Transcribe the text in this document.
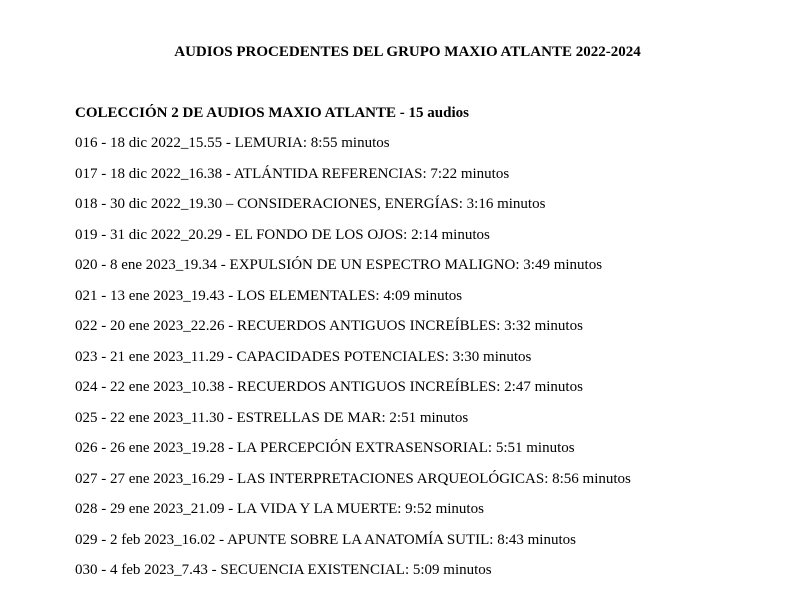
AUDIOS PROCEDENTES DEL GRUPO MAXIO ATLANTE 2022-2024
COLECCIÓN 2 DE AUDIOS MAXIO ATLANTE - 15 audios
016 - 18 dic 2022_15.55 - LEMURIA: 8:55 minutos
017 - 18 dic 2022_16.38 - ATLÁNTIDA REFERENCIAS: 7:22 minutos
018 - 30 dic 2022_19.30 – CONSIDERACIONES, ENERGÍAS: 3:16 minutos
019 - 31 dic 2022_20.29 - EL FONDO DE LOS OJOS: 2:14 minutos
020 - 8 ene 2023_19.34 - EXPULSIÓN DE UN ESPECTRO MALIGNO: 3:49 minutos
021 - 13 ene 2023_19.43 - LOS ELEMENTALES: 4:09 minutos
022 - 20 ene 2023_22.26 - RECUERDOS ANTIGUOS INCREÍBLES: 3:32 minutos
023 - 21 ene 2023_11.29 - CAPACIDADES POTENCIALES: 3:30 minutos
024 - 22 ene 2023_10.38 - RECUERDOS ANTIGUOS INCREÍBLES: 2:47 minutos
025 - 22 ene 2023_11.30 - ESTRELLAS DE MAR: 2:51 minutos
026 - 26 ene 2023_19.28 - LA PERCEPCIÓN EXTRASENSORIAL: 5:51 minutos
027 - 27 ene 2023_16.29 - LAS INTERPRETACIONES ARQUEOLÓGICAS: 8:56 minutos
028 - 29 ene 2023_21.09 - LA VIDA Y LA MUERTE: 9:52 minutos
029 - 2 feb 2023_16.02 - APUNTE SOBRE LA ANATOMÍA SUTIL: 8:43 minutos
030 - 4 feb 2023_7.43 - SECUENCIA EXISTENCIAL: 5:09 minutos
